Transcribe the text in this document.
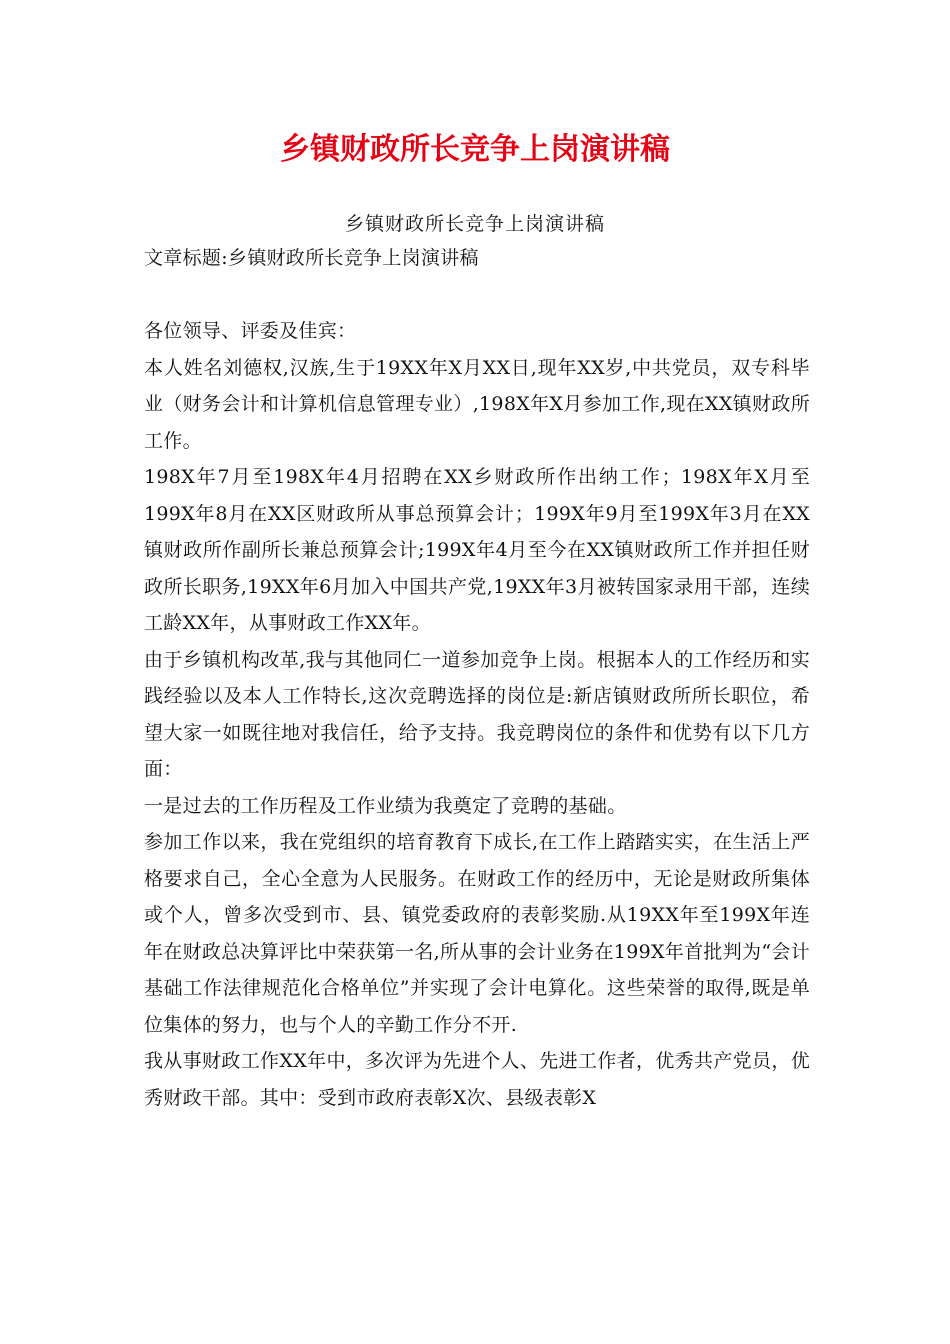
乡镇财政所长竞争上岗演讲稿
乡镇财政所长竞争上岗演讲稿

文章标题:乡镇财政所长竞争上岗演讲稿

各位领导、评委及佳宾：

本人姓名刘德权,汉族,生于19XX年X月XX日,现年XX岁,中共党员，双专科毕业（财务会计和计算机信息管理专业）,198X年X月参加工作,现在XX镇财政所工作。

198X年7月至198X年4月招聘在XX乡财政所作出纳工作；198X年X月至199X年8月在XX区财政所从事总预算会计；199X年9月至199X年3月在XX镇财政所作副所长兼总预算会计;199X年4月至今在XX镇财政所工作并担任财政所长职务,19XX年6月加入中国共产党,19XX年3月被转国家录用干部，连续工龄XX年，从事财政工作XX年。

由于乡镇机构改革,我与其他同仁一道参加竞争上岗。根据本人的工作经历和实践经验以及本人工作特长,这次竞聘选择的岗位是:新店镇财政所所长职位，希望大家一如既往地对我信任，给予支持。我竞聘岗位的条件和优势有以下几方面：

一是过去的工作历程及工作业绩为我奠定了竞聘的基础。

参加工作以来，我在党组织的培育教育下成长,在工作上踏踏实实，在生活上严格要求自己，全心全意为人民服务。在财政工作的经历中，无论是财政所集体或个人，曾多次受到市、县、镇党委政府的表彰奖励.从19XX年至199X年连年在财政总决算评比中荣获第一名,所从事的会计业务在199X年首批判为“会计基础工作法律规范化合格单位”并实现了会计电算化。这些荣誉的取得,既是单位集体的努力，也与个人的辛勤工作分不开.

我从事财政工作XX年中，多次评为先进个人、先进工作者，优秀共产党员，优秀财政干部。其中：受到市政府表彰X次、县级表彰X
